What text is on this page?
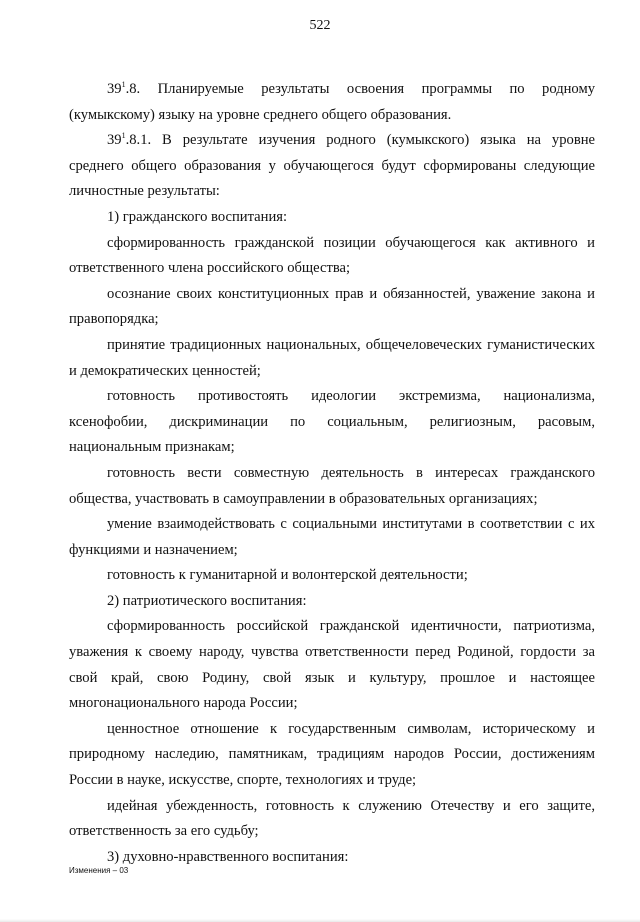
522

$39^1.8$. Планируемые результаты освоения программы по родному (кумыкскому) языку на уровне среднего общего образования.

$39^1.8.1$. В результате изучения родного (кумыкского) языка на уровне среднего общего образования у обучающегося будут сформированы следующие личностные результаты:

1) гражданского воспитания:

сформированность гражданской позиции обучающегося как активного и ответственного члена российского общества;

осознание своих конституционных прав и обязанностей, уважение закона и правопорядка;

принятие традиционных национальных, общечеловеческих гуманистических и демократических ценностей;

готовность противостоять идеологии экстремизма, национализма, ксенофобии, дискриминации по социальным, религиозным, расовым, национальным признакам;

готовность вести совместную деятельность в интересах гражданского общества, участвовать в самоуправлении в образовательных организациях;

умение взаимодействовать с социальными институтами в соответствии с их функциями и назначением;

готовность к гуманитарной и волонтерской деятельности;

2) патриотического воспитания:

сформированность российской гражданской идентичности, патриотизма, уважения к своему народу, чувства ответственности перед Родиной, гордости за свой край, свою Родину, свой язык и культуру, прошлое и настоящее многонационального народа России;

ценностное отношение к государственным символам, историческому и природному наследию, памятникам, традициям народов России, достижениям России в науке, искусстве, спорте, технологиях и труде;

идейная убежденность, готовность к служению Отечеству и его защите, ответственность за его судьбу;

3) духовно-нравственного воспитания:

Изменения – 03
